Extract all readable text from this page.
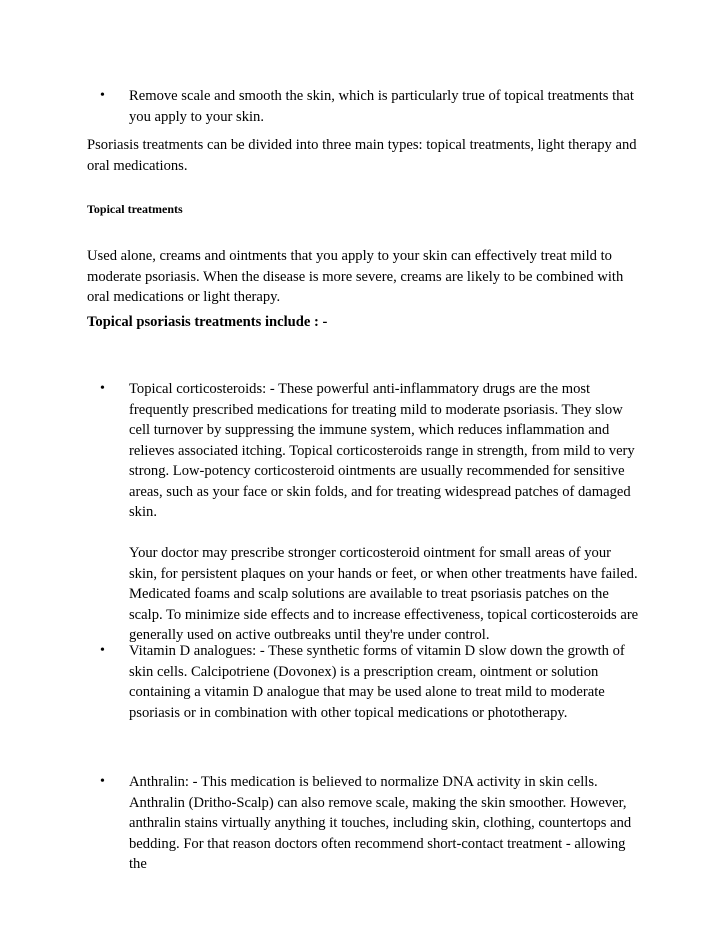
•	Remove scale and smooth the skin, which is particularly true of topical treatments that you apply to your skin.
Psoriasis treatments can be divided into three main types: topical treatments, light therapy and oral medications.
Topical treatments
Used alone, creams and ointments that you apply to your skin can effectively treat mild to moderate psoriasis. When the disease is more severe, creams are likely to be combined with oral medications or light therapy.
Topical psoriasis treatments include : -
•	Topical corticosteroids: - These powerful anti-inflammatory drugs are the most frequently prescribed medications for treating mild to moderate psoriasis. They slow cell turnover by suppressing the immune system, which reduces inflammation and relieves associated itching. Topical corticosteroids range in strength, from mild to very strong. Low-potency corticosteroid ointments are usually recommended for sensitive areas, such as your face or skin folds, and for treating widespread patches of damaged skin.

Your doctor may prescribe stronger corticosteroid ointment for small areas of your skin, for persistent plaques on your hands or feet, or when other treatments have failed. Medicated foams and scalp solutions are available to treat psoriasis patches on the scalp. To minimize side effects and to increase effectiveness, topical corticosteroids are generally used on active outbreaks until they're under control.

•	Vitamin D analogues: - These synthetic forms of vitamin D slow down the growth of skin cells. Calcipotriene (Dovonex) is a prescription cream, ointment or solution containing a vitamin D analogue that may be used alone to treat mild to moderate psoriasis or in combination with other topical medications or phototherapy.

•	Anthralin: - This medication is believed to normalize DNA activity in skin cells. Anthralin (Dritho-Scalp) can also remove scale, making the skin smoother. However, anthralin stains virtually anything it touches, including skin, clothing, countertops and bedding. For that reason doctors often recommend short-contact treatment - allowing the
